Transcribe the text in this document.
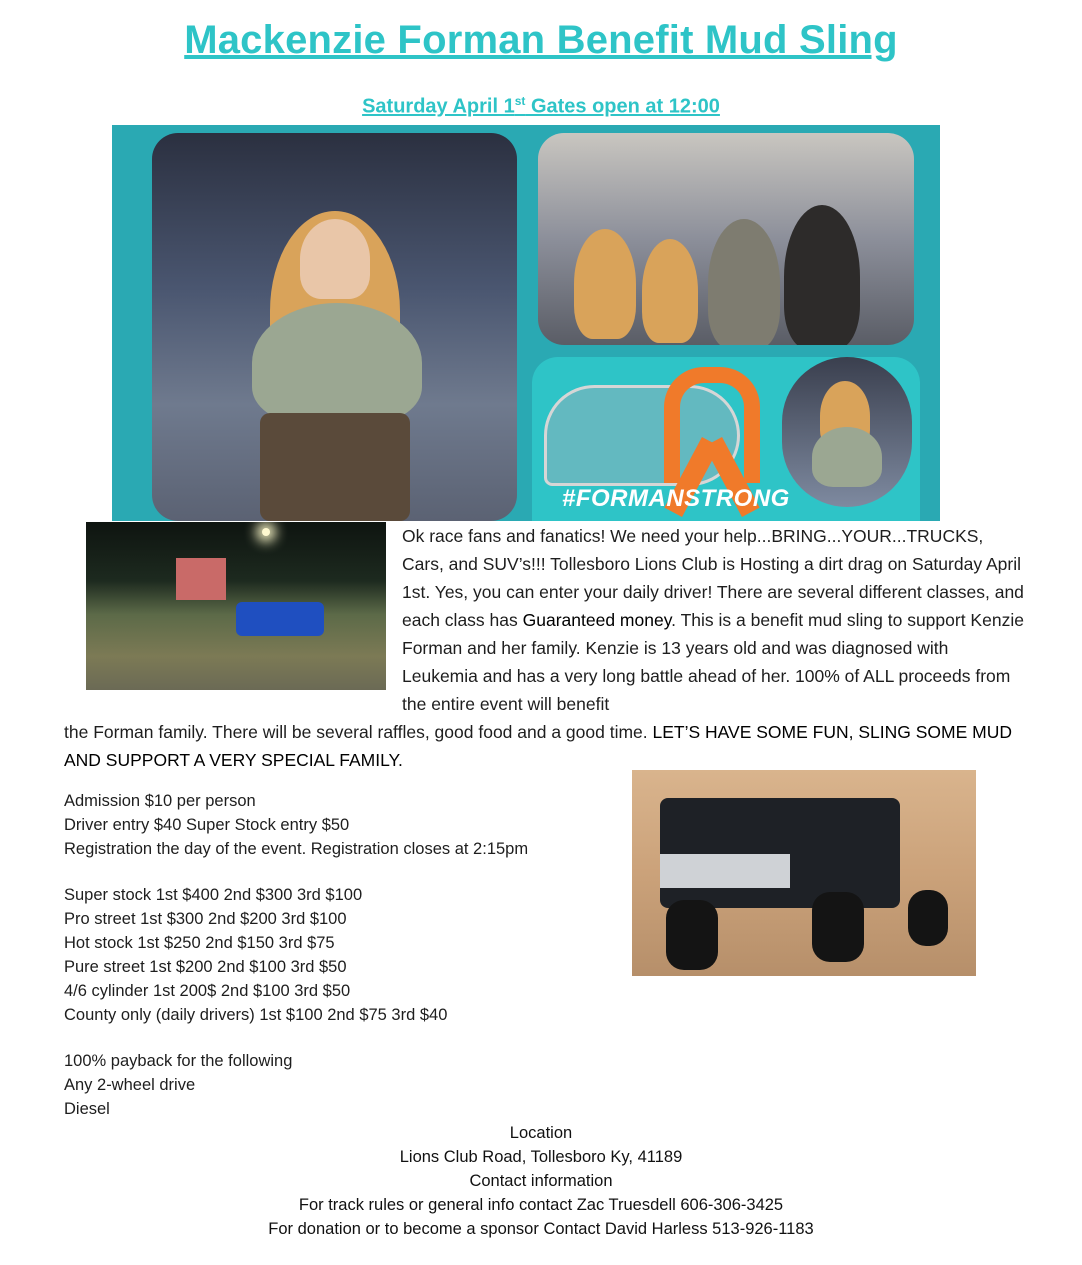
Mackenzie Forman Benefit Mud Sling
Saturday April 1st Gates open at 12:00
#FORMANSTRONG
Ok race fans and fanatics! We need your help...BRING...YOUR...TRUCKS, Cars, and SUV’s!!! Tollesboro Lions Club is Hosting a dirt drag on Saturday April 1st. Yes, you can enter your daily driver! There are several different classes, and each class has Guaranteed money. This is a benefit mud sling to support Kenzie Forman and her family. Kenzie is 13 years old and was diagnosed with Leukemia and has a very long battle ahead of her. 100% of ALL proceeds from the entire event will benefit
the Forman family. There will be several raffles, good food and a good time. LET’S HAVE SOME FUN, SLING SOME MUD AND SUPPORT A VERY SPECIAL FAMILY.
Admission $10 per person
Driver entry $40 Super Stock entry $50
Registration the day of the event. Registration closes at 2:15pm
Super stock 1st $400 2nd $300 3rd $100
Pro street 1st $300 2nd $200 3rd $100
Hot stock 1st $250 2nd $150 3rd $75
Pure street 1st $200 2nd $100 3rd $50
4/6 cylinder 1st 200$ 2nd $100 3rd $50
County only (daily drivers) 1st $100 2nd $75 3rd $40
100% payback for the following
Any 2-wheel drive
Diesel
Location
Lions Club Road, Tollesboro Ky, 41189
Contact information
For track rules or general info contact Zac Truesdell 606-306-3425
For donation or to become a sponsor Contact David Harless 513-926-1183
